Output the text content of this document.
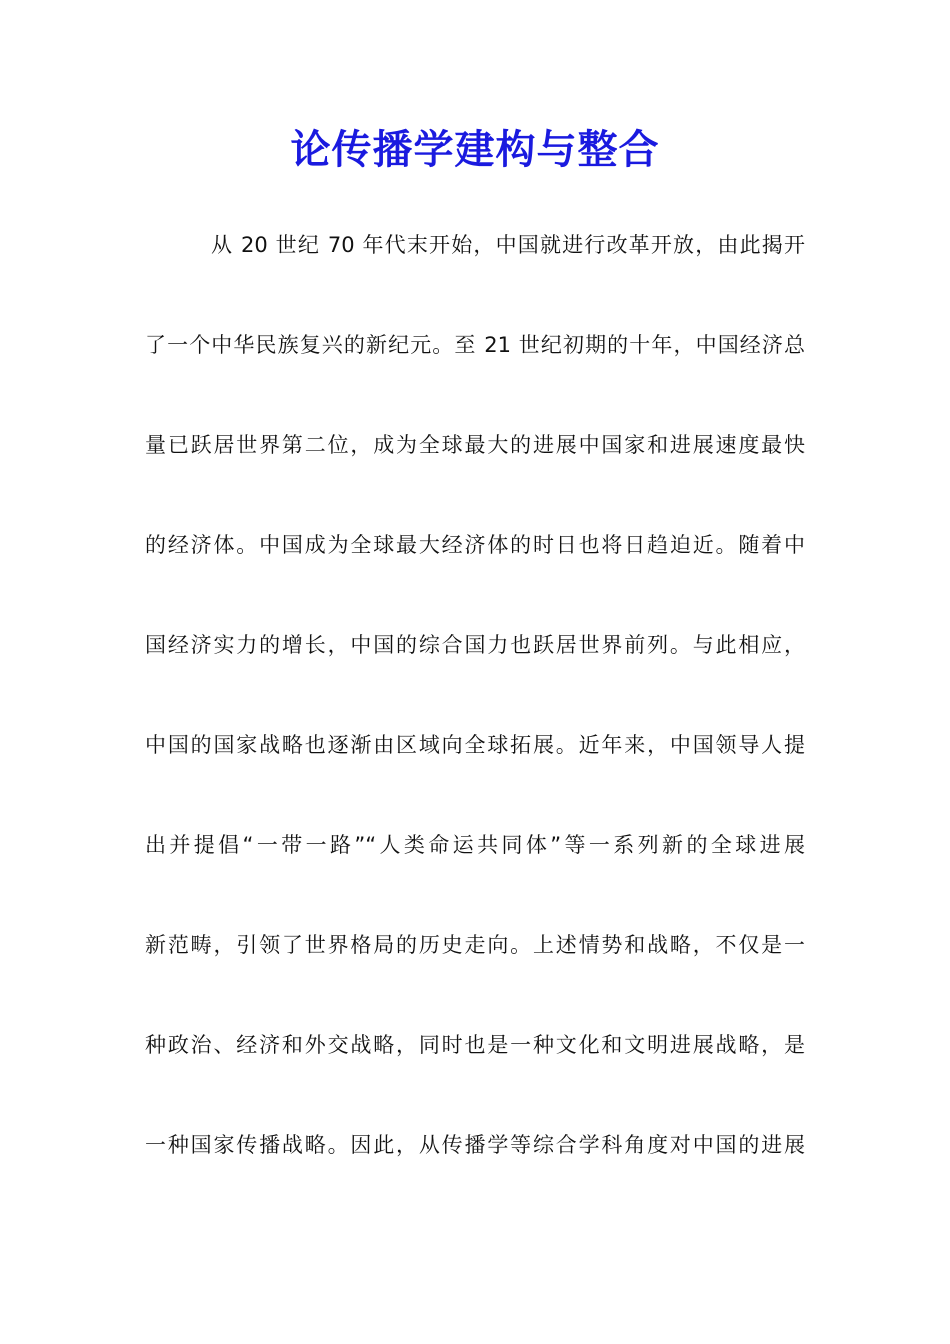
论传播学建构与整合
从 20 世纪 70 年代末开始，中国就进行改革开放，由此揭开
了一个中华民族复兴的新纪元。至 21 世纪初期的十年，中国经济总
量已跃居世界第二位，成为全球最大的进展中国家和进展速度最快
的经济体。中国成为全球最大经济体的时日也将日趋迫近。随着中
国经济实力的增长，中国的综合国力也跃居世界前列。与此相应，
中国的国家战略也逐渐由区域向全球拓展。近年来，中国领导人提
出并提倡“一带一路”“人类命运共同体”等一系列新的全球进展
新范畴，引领了世界格局的历史走向。上述情势和战略，不仅是一
种政治、经济和外交战略，同时也是一种文化和文明进展战略，是
一种国家传播战略。因此，从传播学等综合学科角度对中国的进展
